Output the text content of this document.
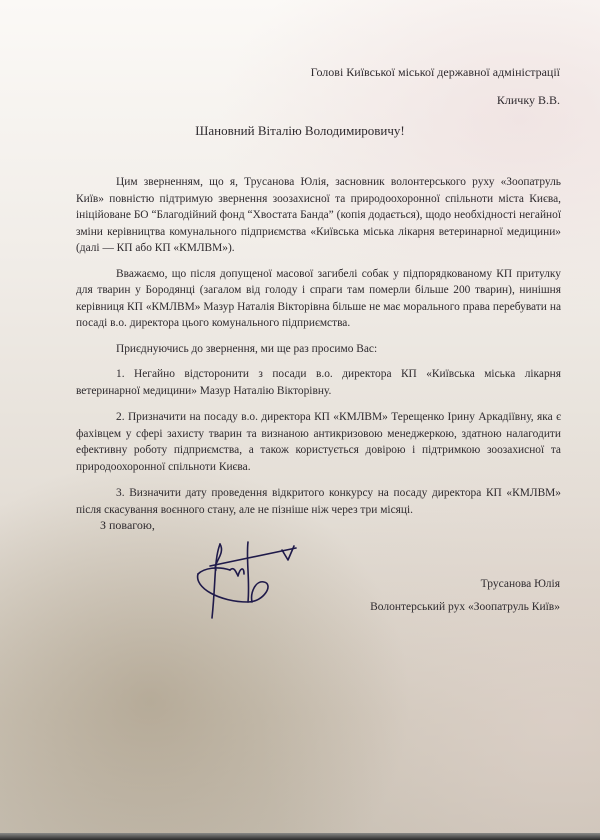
Голові Київської міської державної адміністрації
Кличку В.В.
Шановний Віталію Володимировичу!

Цим зверненням, що я, Трусанова Юлія, засновник волонтерського руху «Зоопатруль Київ» повністю підтримую звернення зоозахисної та природоохоронної спільноти міста Києва, ініційоване БО “Благодійний фонд “Хвостата Банда” (копія додається), щодо необхідності негайної зміни керівництва комунального підприємства «Київська міська лікарня ветеринарної медицини» (далі — КП або КП «КМЛВМ»).

Вважаємо, що після допущеної масової загибелі собак у підпорядкованому КП притулку для тварин у Бородянці (загалом від голоду і спраги там померли більше 200 тварин), нинішня керівниця КП «КМЛВМ» Мазур Наталія Вікторівна більше не має морального права перебувати на посаді в.о. директора цього комунального підприємства.

Приєднуючись до звернення, ми ще раз просимо Вас:

1. Негайно відсторонити з посади в.о. директора КП «Київська міська лікарня ветеринарної медицини» Мазур Наталію Вікторівну.

2. Призначити на посаду в.о. директора КП «КМЛВМ» Терещенко Ірину Аркадіївну, яка є фахівцем у сфері захисту тварин та визнаною антикризовою менеджеркою, здатною налагодити ефективну роботу підприємства, а також користується довірою і підтримкою зоозахисної та природоохоронної спільноти Києва.

3. Визначити дату проведення відкритого конкурсу на посаду директора КП «КМЛВМ» після скасування воєнного стану, але не пізніше ніж через три місяці.

З повагою,
Трусанова Юлія
Волонтерський рух «Зоопатруль Київ»
